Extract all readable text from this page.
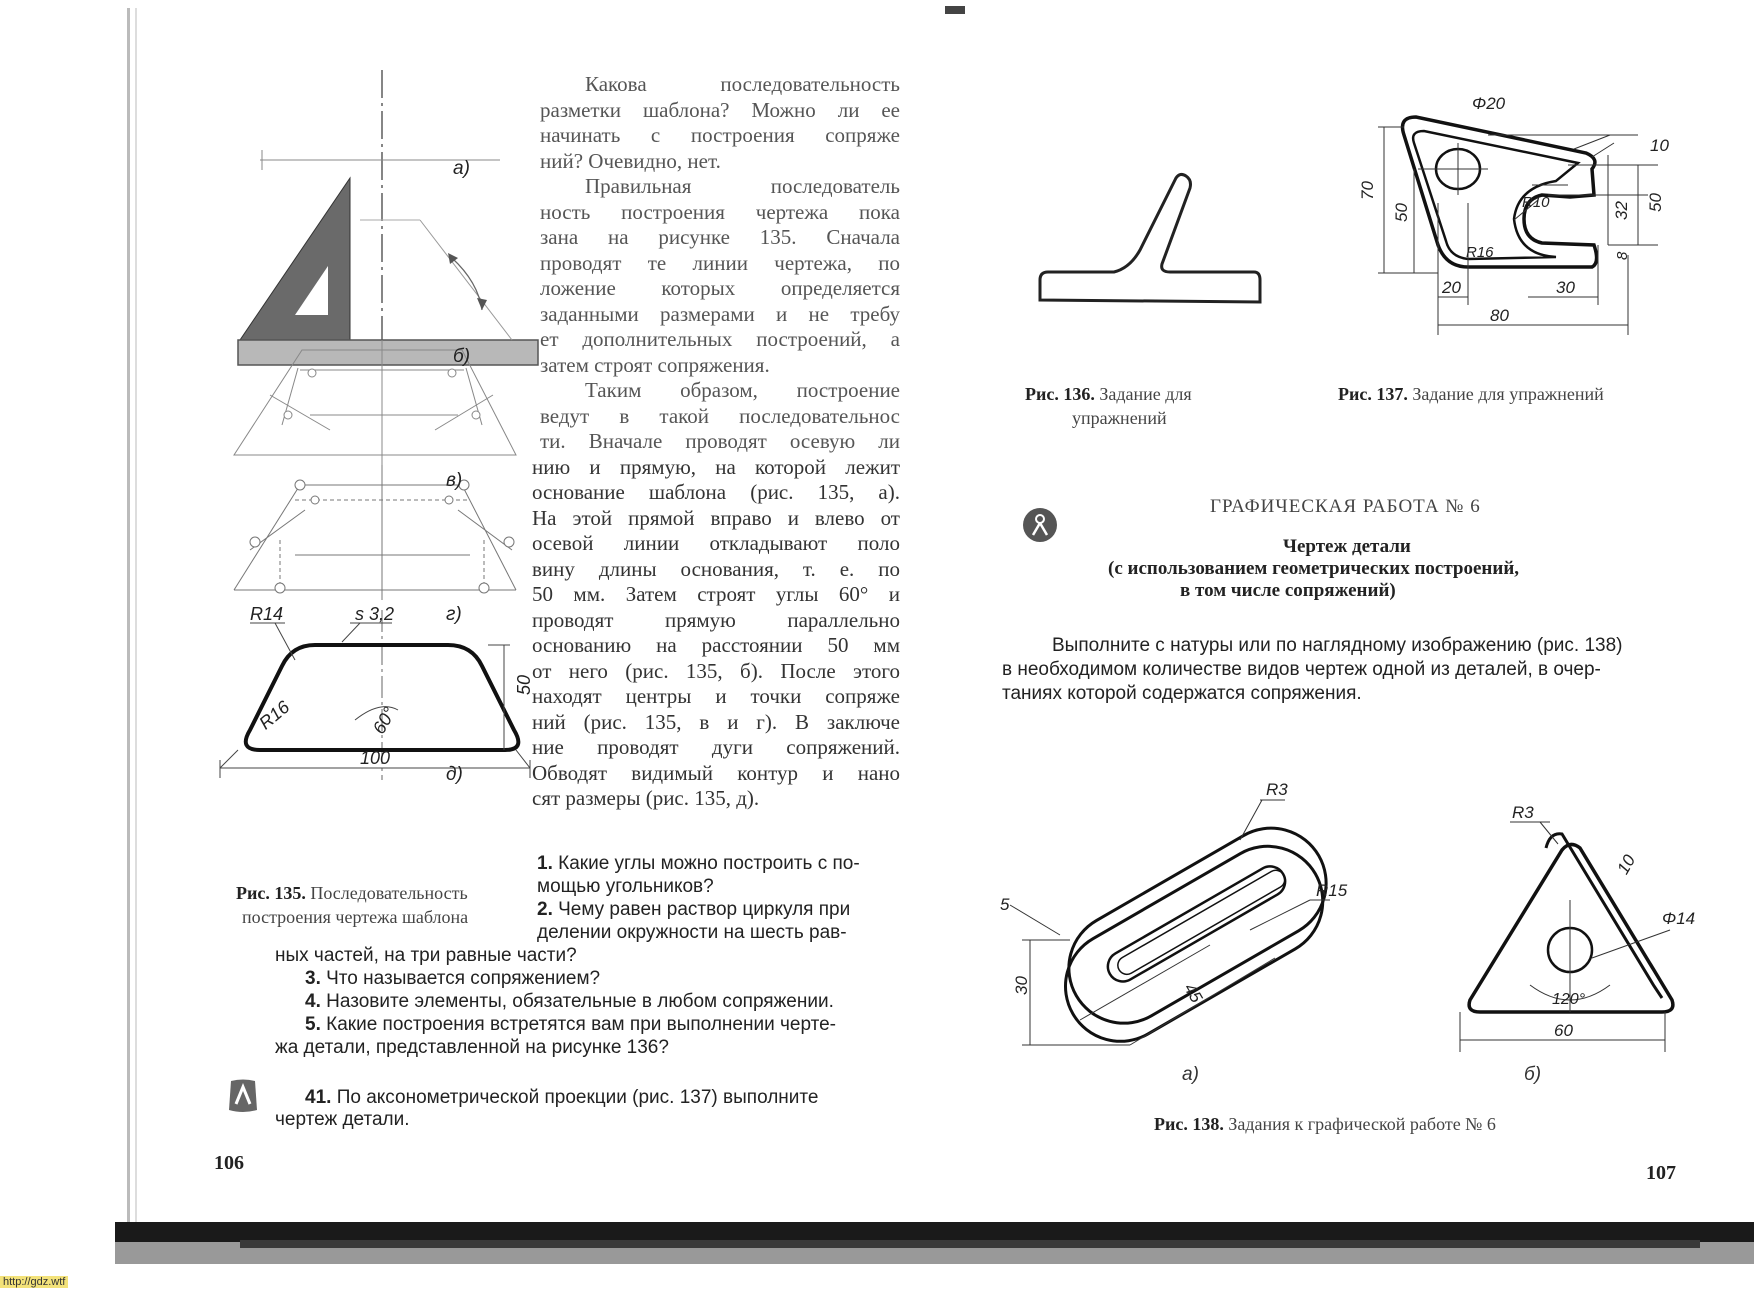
а)
б)
в)
г)
д)
R14	s 3,2
R16	60°
50
100
Рис. 135. Последовательность
построения чертежа шаблона
Какова последовательность
разметки шаблона? Можно ли ее
начинать с построения сопряже
ний? Очевидно, нет.
Правильная последователь
ность построения чертежа пока
зана на рисунке 135. Сначала
проводят те линии чертежа, по
ложение которых определяется
заданными размерами и не требу
ет дополнительных построений, а
затем строят сопряжения.
Таким образом, построение
ведут в такой последовательнос
ти. Вначале проводят осевую ли
нию и прямую, на которой лежит
основание шаблона (рис. 135, а).
На этой прямой вправо и влево от
осевой линии откладывают поло
вину длины основания, т. е. по
50 мм. Затем строят углы 60° и
проводят прямую параллельно
основанию на расстоянии 50 мм
от него (рис. 135, б). После этого
находят центры и точки сопряже
ний (рис. 135, в и г). В заключе
ние проводят дуги сопряжений.
Обводят видимый контур и нано
сят размеры (рис. 135, д).
1. Какие углы можно построить с по-
мощью угольников?
2. Чему равен раствор циркуля при
делении окружности на шесть рав-
ных частей, на три равные части?
3. Что называется сопряжением?
4. Назовите элементы, обязательные в любом сопряжении.
5. Какие построения встретятся вам при выполнении черте-
жа детали, представленной на рисунке 136?
41. По аксонометрической проекции (рис. 137) выполните
чертеж детали.
106
Рис. 136. Задание для
упражнений
Φ20
10
70
50
R10
R16
32 50
8
20	30
80
Рис. 137. Задание для упражнений
ГРАФИЧЕСКАЯ РАБОТА № 6
Чертеж детали
(с использованием геометрических построений,
в том числе сопряжений)
Выполните с натуры или по наглядному изображению (рис. 138)
в необходимом количестве видов чертеж одной из деталей, в очер-
таниях которой содержатся сопряжения.
R3
R15
5
30	45
а)
R3
10
Φ14
120°
60
б)
Рис. 138. Задания к графической работе № 6
107
http://gdz.wtf
